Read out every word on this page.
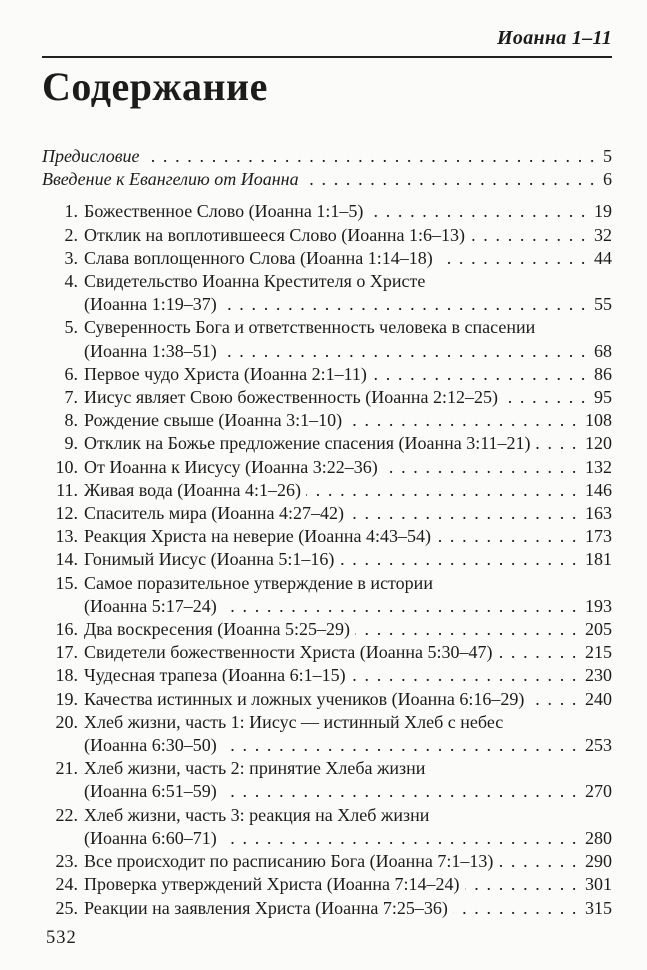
Иоанна 1–11
Содержание
Предисловие . . .	5
Введение к Евангелию от Иоанна . . .	6
1. Божественное Слово (Иоанна 1:1–5) . . .	19
2. Отклик на воплотившееся Слово (Иоанна 1:6–13) . . .	32
3. Слава воплощенного Слова (Иоанна 1:14–18) . . .	44
4. Свидетельство Иоанна Крестителя о Христе
(Иоанна 1:19–37) . . .	55
5. Суверенность Бога и ответственность человека в спасении
(Иоанна 1:38–51) . . .	68
6. Первое чудо Христа (Иоанна 2:1–11) . . .	86
7. Иисус являет Свою божественность (Иоанна 2:12–25) . . .	95
8. Рождение свыше (Иоанна 3:1–10) . . .	108
9. Отклик на Божье предложение спасения (Иоанна 3:11–21) . . .	120
10. От Иоанна к Иисусу (Иоанна 3:22–36) . . .	132
11. Живая вода (Иоанна 4:1–26) . . .	146
12. Спаситель мира (Иоанна 4:27–42) . . .	163
13. Реакция Христа на неверие (Иоанна 4:43–54) . . .	173
14. Гонимый Иисус (Иоанна 5:1–16) . . .	181
15. Самое поразительное утверждение в истории
(Иоанна 5:17–24) . . .	193
16. Два воскресения (Иоанна 5:25–29) . . .	205
17. Свидетели божественности Христа (Иоанна 5:30–47) . . .	215
18. Чудесная трапеза (Иоанна 6:1–15) . . .	230
19. Качества истинных и ложных учеников (Иоанна 6:16–29) . . .	240
20. Хлеб жизни, часть 1: Иисус — истинный Хлеб с небес
(Иоанна 6:30–50) . . .	253
21. Хлеб жизни, часть 2: принятие Хлеба жизни
(Иоанна 6:51–59) . . .	270
22. Хлеб жизни, часть 3: реакция на Хлеб жизни
(Иоанна 6:60–71) . . .	280
23. Все происходит по расписанию Бога (Иоанна 7:1–13) . . .	290
24. Проверка утверждений Христа (Иоанна 7:14–24) . . .	301
25. Реакции на заявления Христа (Иоанна 7:25–36) . . .	315
532
